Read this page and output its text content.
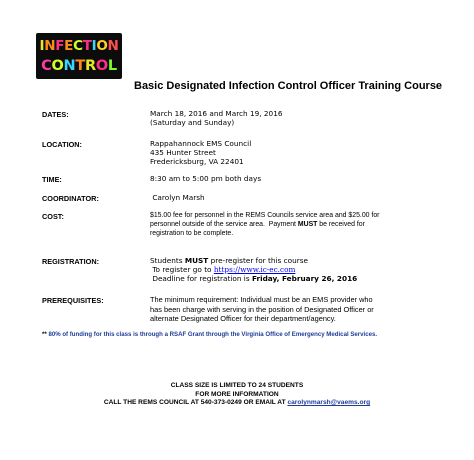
INFECTION
CONTROL
Basic Designated Infection Control Officer Training Course
DATES:	March 18, 2016 and March 19, 2016
(Saturday and Sunday)
LOCATION:	Rappahannock EMS Council
435 Hunter Street
Fredericksburg, VA 22401
TIME:	8:30 am to 5:00 pm both days
COORDINATOR:	Carolyn Marsh
COST:	$15.00 fee for personnel in the REMS Councils service area and $25.00 for
personnel outside of the service area.  Payment MUST be received for
registration to be complete.
REGISTRATION:	Students MUST pre-register for this course
To register go to https://www.ic-ec.com
Deadline for registration is Friday, February 26, 2016
PREREQUISITES:	The minimum requirement: Individual must be an EMS provider who
has been charge with serving in the position of Designated Officer or
alternate Designated Officer for their department/agency.
** 80% of funding for this class is through a RSAF Grant through the Virginia Office of Emergency Medical Services.
CLASS SIZE IS LIMITED TO 24 STUDENTS
FOR MORE INFORMATION
CALL THE REMS COUNCIL AT 540-373-0249 OR EMAIL AT carolynmarsh@vaems.org
